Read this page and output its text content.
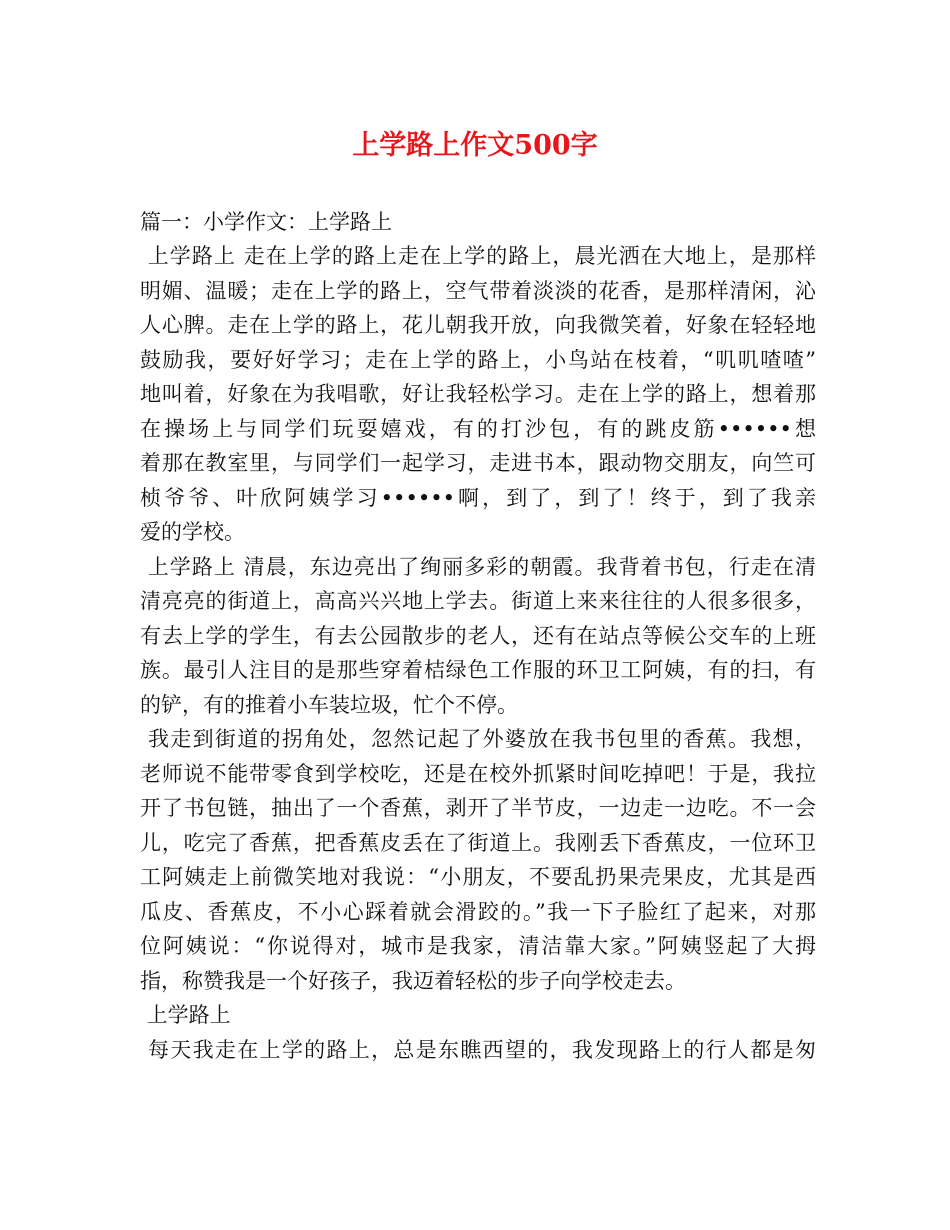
上学路上作文500字

篇一：小学作文：上学路上

上学路上 走在上学的路上走在上学的路上，晨光洒在大地上，是那样

明媚、温暖；走在上学的路上，空气带着淡淡的花香，是那样清闲，沁

人心脾。走在上学的路上，花儿朝我开放，向我微笑着，好象在轻轻地

鼓励我，要好好学习；走在上学的路上，小鸟站在枝着，“叽叽喳喳”

地叫着，好象在为我唱歌，好让我轻松学习。走在上学的路上，想着那

在操场上与同学们玩耍嬉戏，有的打沙包，有的跳皮筋••••••想

着那在教室里，与同学们一起学习，走进书本，跟动物交朋友，向竺可

桢爷爷、叶欣阿姨学习••••••啊，到了，到了！终于，到了我亲

爱的学校。

上学路上 清晨，东边亮出了绚丽多彩的朝霞。我背着书包，行走在清

清亮亮的街道上，高高兴兴地上学去。街道上来来往往的人很多很多，

有去上学的学生，有去公园散步的老人，还有在站点等候公交车的上班

族。最引人注目的是那些穿着桔绿色工作服的环卫工阿姨，有的扫，有

的铲，有的推着小车装垃圾，忙个不停。

我走到街道的拐角处，忽然记起了外婆放在我书包里的香蕉。我想，

老师说不能带零食到学校吃，还是在校外抓紧时间吃掉吧！于是，我拉

开了书包链，抽出了一个香蕉，剥开了半节皮，一边走一边吃。不一会

儿，吃完了香蕉，把香蕉皮丢在了街道上。我刚丢下香蕉皮，一位环卫

工阿姨走上前微笑地对我说：“小朋友，不要乱扔果壳果皮，尤其是西

瓜皮、香蕉皮，不小心踩着就会滑跤的。”我一下子脸红了起来，对那

位阿姨说：“你说得对，城市是我家，清洁靠大家。”阿姨竖起了大拇

指，称赞我是一个好孩子，我迈着轻松的步子向学校走去。

上学路上

每天我走在上学的路上，总是东瞧西望的，我发现路上的行人都是匆
